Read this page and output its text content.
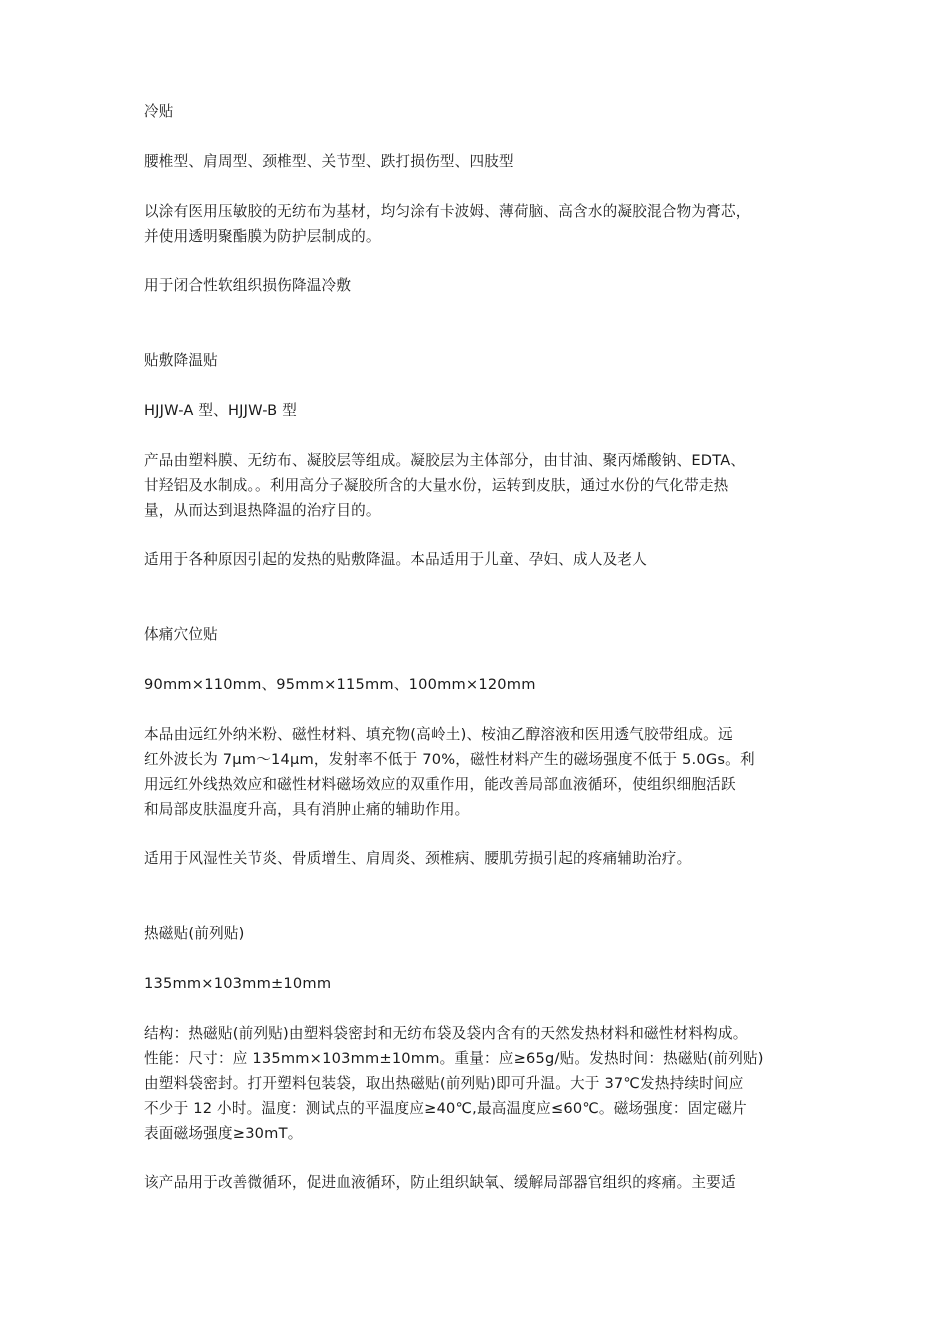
冷贴
腰椎型、肩周型、颈椎型、关节型、跌打损伤型、四肢型
以涂有医用压敏胶的无纺布为基材，均匀涂有卡波姆、薄荷脑、高含水的凝胶混合物为膏芯，
并使用透明聚酯膜为防护层制成的。
用于闭合性软组织损伤降温冷敷
贴敷降温贴
HJJW-A 型、HJJW-B 型
产品由塑料膜、无纺布、凝胶层等组成。凝胶层为主体部分，由甘油、聚丙烯酸钠、EDTA、
甘羟铝及水制成。。利用高分子凝胶所含的大量水份，运转到皮肤，通过水份的气化带走热
量，从而达到退热降温的治疗目的。
适用于各种原因引起的发热的贴敷降温。本品适用于儿童、孕妇、成人及老人
体痛穴位贴
90mm×110mm、95mm×115mm、100mm×120mm
本品由远红外纳米粉、磁性材料、填充物(高岭土)、桉油乙醇溶液和医用透气胶带组成。远
红外波长为 7μm～14μm，发射率不低于 70%，磁性材料产生的磁场强度不低于 5.0Gs。利
用远红外线热效应和磁性材料磁场效应的双重作用，能改善局部血液循环，使组织细胞活跃
和局部皮肤温度升高，具有消肿止痛的辅助作用。
适用于风湿性关节炎、骨质增生、肩周炎、颈椎病、腰肌劳损引起的疼痛辅助治疗。
热磁贴(前列贴)
135mm×103mm±10mm
结构：热磁贴(前列贴)由塑料袋密封和无纺布袋及袋内含有的天然发热材料和磁性材料构成。
性能：尺寸：应 135mm×103mm±10mm。重量：应≥65g/贴。发热时间：热磁贴(前列贴)
由塑料袋密封。打开塑料包装袋，取出热磁贴(前列贴)即可升温。大于 37℃发热持续时间应
不少于 12 小时。温度：测试点的平温度应≥40℃,最高温度应≤60℃。磁场强度：固定磁片
表面磁场强度≥30mT。
该产品用于改善微循环，促进血液循环，防止组织缺氧、缓解局部器官组织的疼痛。主要适
